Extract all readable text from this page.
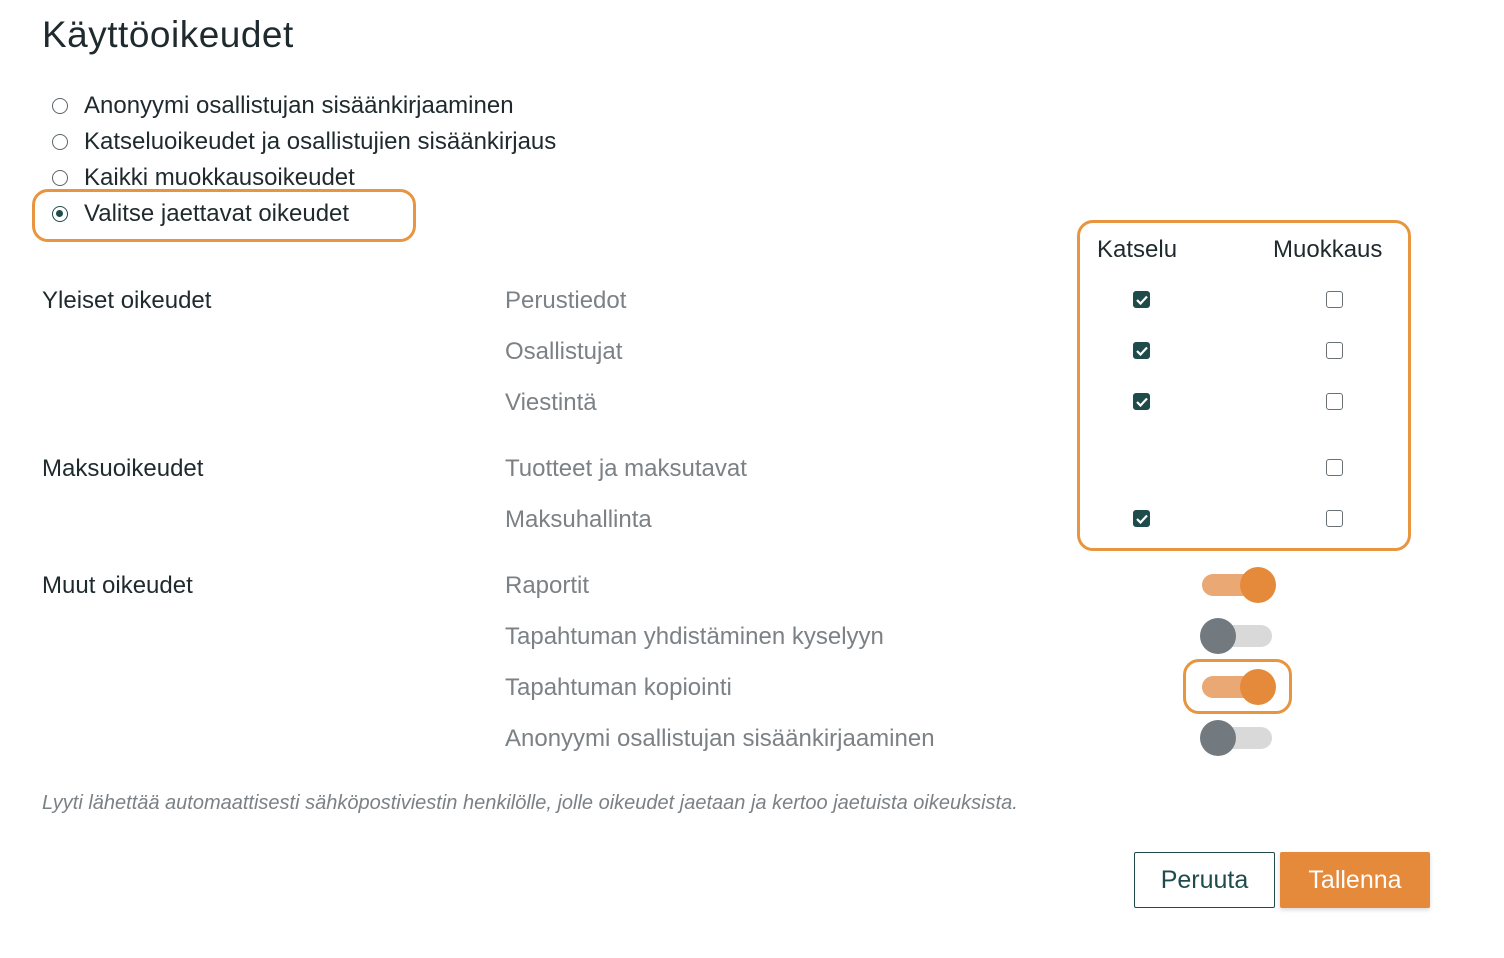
Käyttöoikeudet
Anonyymi osallistujan sisäänkirjaaminen
Katseluoikeudet ja osallistujien sisäänkirjaus
Kaikki muokkausoikeudet
Valitse jaettavat oikeudet
Katselu	Muokkaus
Yleiset oikeudet
Maksuoikeudet
Muut oikeudet
Perustiedot
Osallistujat
Viestintä
Tuotteet ja maksutavat
Maksuhallinta
Raportit
Tapahtuman yhdistäminen kyselyyn
Tapahtuman kopiointi
Anonyymi osallistujan sisäänkirjaaminen
Lyyti lähettää automaattisesti sähköpostiviestin henkilölle, jolle oikeudet jaetaan ja kertoo jaetuista oikeuksista.
Peruuta	Tallenna
